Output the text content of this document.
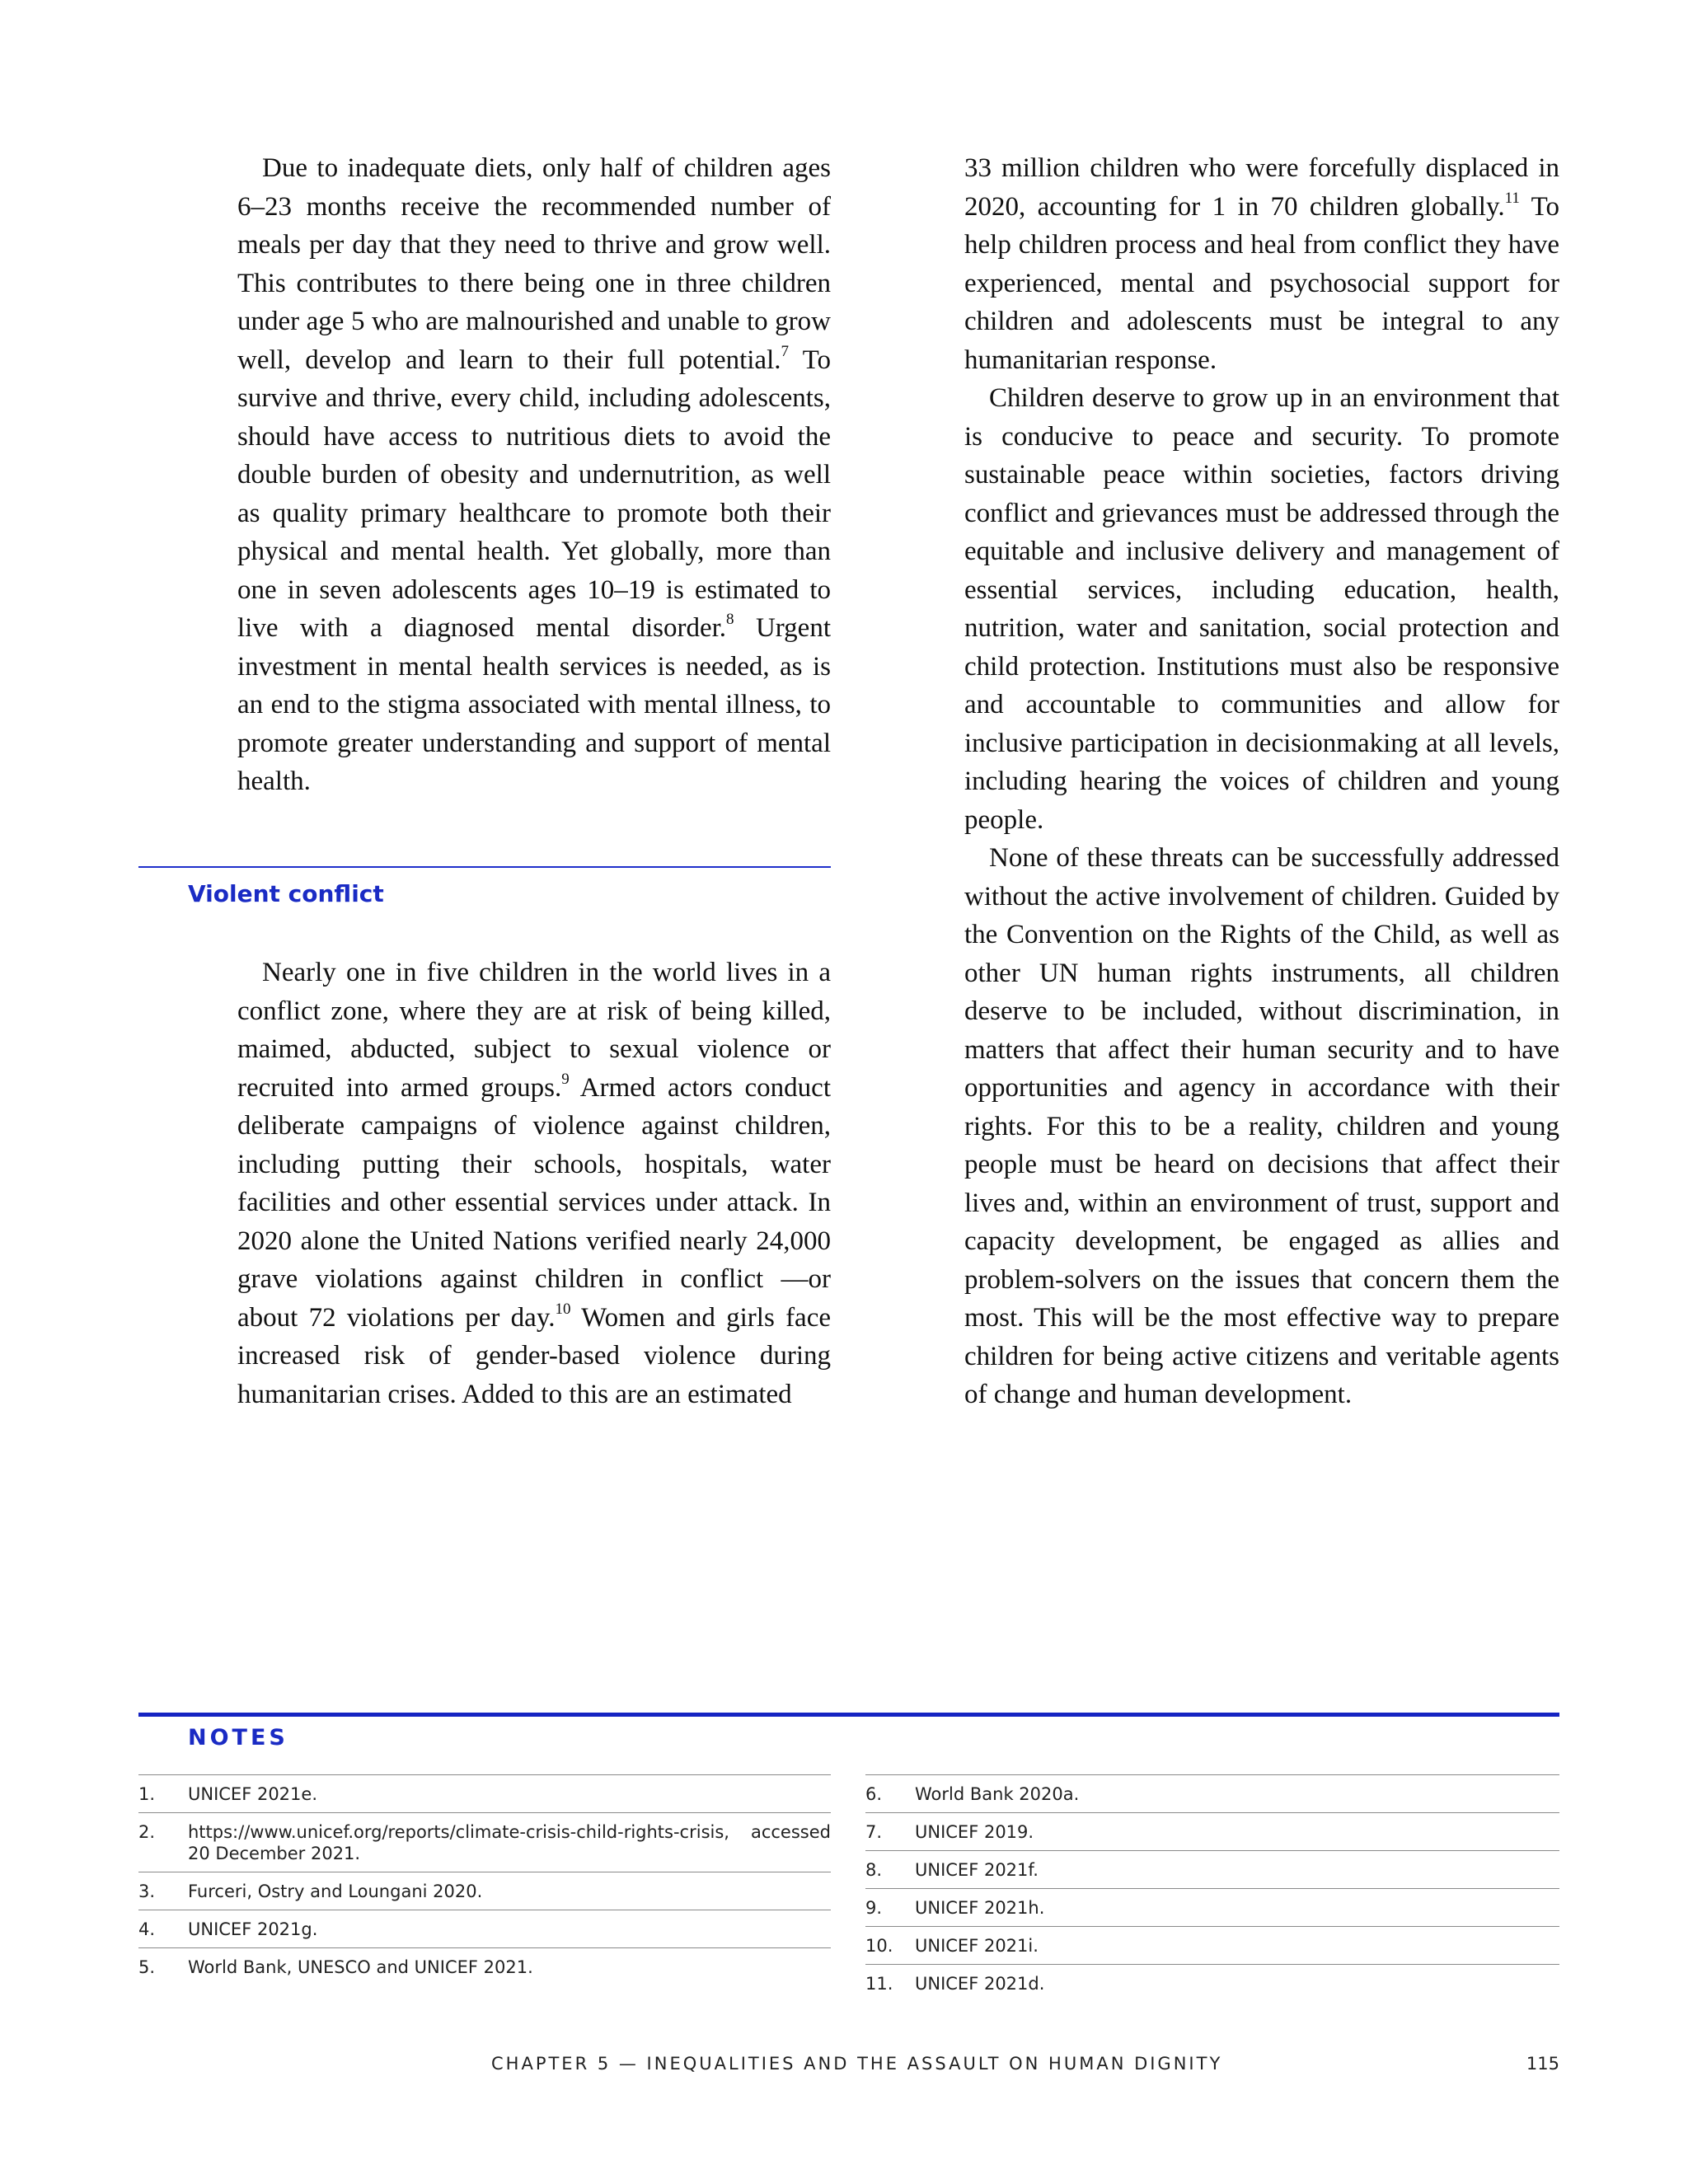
Due to inadequate diets, only half of children ages 6–23 months receive the recommended number of meals per day that they need to thrive and grow well. This contributes to there being one in three children under age 5 who are malnourished and unable to grow well, develop and learn to their full potential.$^7$ To survive and thrive, every child, including adolescents, should have access to nutritious diets to avoid the double burden of obesity and undernutrition, as well as quality primary healthcare to promote both their physical and mental health. Yet globally, more than one in seven adolescents ages 10–19 is estimated to live with a diagnosed mental disorder.$^8$ Urgent investment in mental health services is needed, as is an end to the stigma associated with mental illness, to promote greater understanding and support of mental health.

Violent conflict

Nearly one in five children in the world lives in a conflict zone, where they are at risk of being killed, maimed, abducted, subject to sexual violence or recruited into armed groups.$^9$ Armed actors conduct deliberate campaigns of violence against children, including putting their schools, hospitals, water facilities and other essential services under attack. In 2020 alone the United Nations verified nearly 24,000 grave violations against children in conflict —or about 72 violations per day.$^{10}$ Women and girls face increased risk of gender-based violence during humanitarian crises. Added to this are an estimated

33 million children who were forcefully displaced in 2020, accounting for 1 in 70 children globally.$^{11}$ To help children process and heal from conflict they have experienced, mental and psychosocial support for children and adolescents must be integral to any humanitarian response.

Children deserve to grow up in an environment that is conducive to peace and security. To promote sustainable peace within societies, factors driving conflict and grievances must be addressed through the equitable and inclusive delivery and management of essential services, including education, health, nutrition, water and sanitation, social protection and child protection. Institutions must also be responsive and accountable to communities and allow for inclusive participation in decisionmaking at all levels, including hearing the voices of children and young people.

None of these threats can be successfully addressed without the active involvement of children. Guided by the Convention on the Rights of the Child, as well as other UN human rights instruments, all children deserve to be included, without discrimination, in matters that affect their human security and to have opportunities and agency in accordance with their rights. For this to be a reality, children and young people must be heard on decisions that affect their lives and, within an environment of trust, support and capacity development, be engaged as allies and problem-solvers on the issues that concern them the most. This will be the most effective way to prepare children for being active citizens and veritable agents of change and human development.

NOTES
1.	UNICEF 2021e.
2.	https://www.unicef.org/reports/climate-crisis-child-rights-crisis, accessed 20 December 2021.
3.	Furceri, Ostry and Loungani 2020.
4.	UNICEF 2021g.
5.	World Bank, UNESCO and UNICEF 2021.
6.	World Bank 2020a.
7.	UNICEF 2019.
8.	UNICEF 2021f.
9.	UNICEF 2021h.
10.	UNICEF 2021i.
11.	UNICEF 2021d.
CHAPTER 5 — INEQUALITIES AND THE ASSAULT ON HUMAN DIGNITY	115
